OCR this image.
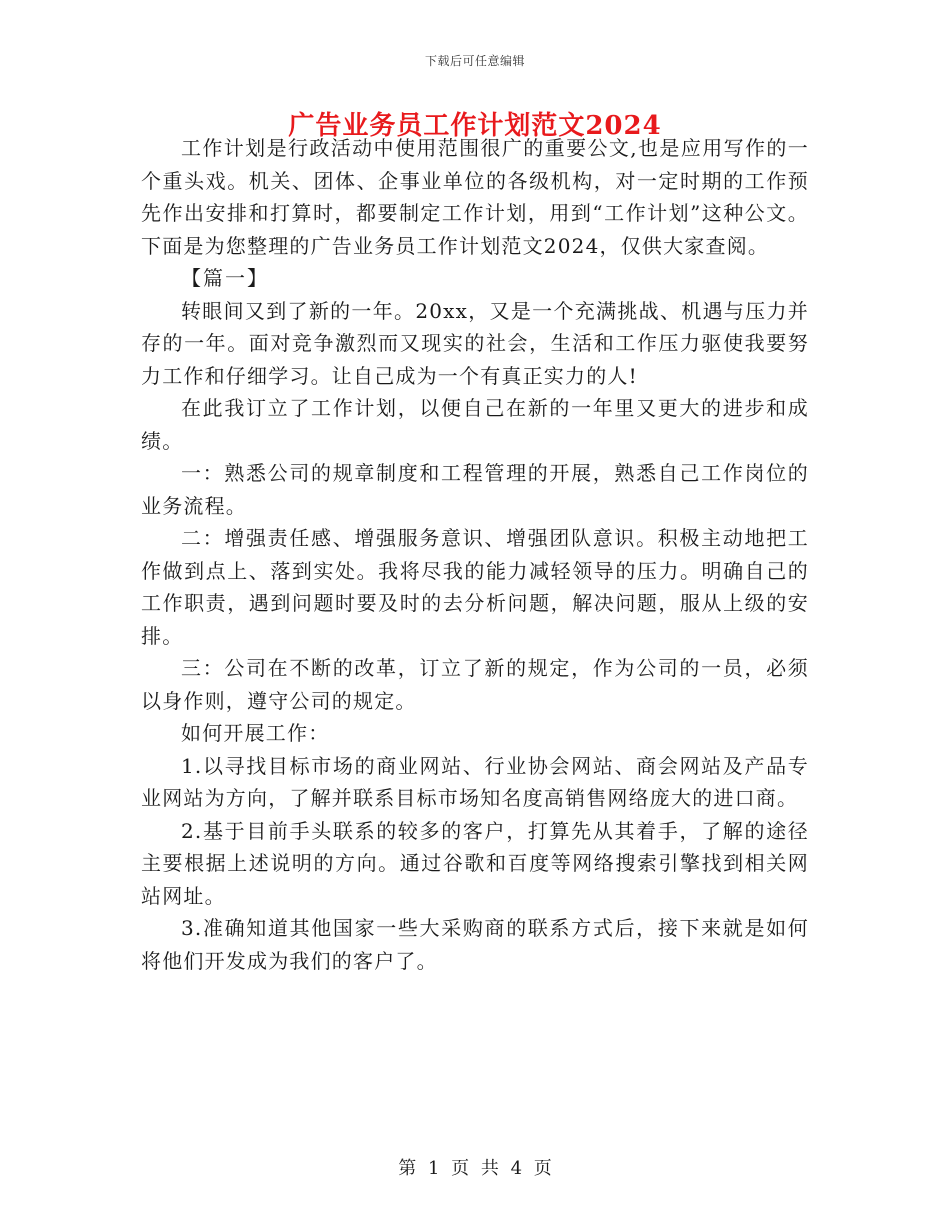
下载后可任意编辑
广告业务员工作计划范文2024

工作计划是行政活动中使用范围很广的重要公文,也是应用写作的一个重头戏。机关、团体、企事业单位的各级机构，对一定时期的工作预先作出安排和打算时，都要制定工作计划，用到“工作计划”这种公文。下面是为您整理的广告业务员工作计划范文2024，仅供大家查阅。

【篇一】

转眼间又到了新的一年。20xx，又是一个充满挑战、机遇与压力并存的一年。面对竞争激烈而又现实的社会，生活和工作压力驱使我要努力工作和仔细学习。让自己成为一个有真正实力的人!

在此我订立了工作计划，以便自己在新的一年里又更大的进步和成绩。

一：熟悉公司的规章制度和工程管理的开展，熟悉自己工作岗位的业务流程。

二：增强责任感、增强服务意识、增强团队意识。积极主动地把工作做到点上、落到实处。我将尽我的能力减轻领导的压力。明确自己的工作职责，遇到问题时要及时的去分析问题，解决问题，服从上级的安排。

三：公司在不断的改革，订立了新的规定，作为公司的一员，必须以身作则，遵守公司的规定。

如何开展工作：

1.以寻找目标市场的商业网站、行业协会网站、商会网站及产品专业网站为方向，了解并联系目标市场知名度高销售网络庞大的进口商。

2.基于目前手头联系的较多的客户，打算先从其着手，了解的途径主要根据上述说明的方向。通过谷歌和百度等网络搜索引擎找到相关网站网址。

3.准确知道其他国家一些大采购商的联系方式后，接下来就是如何将他们开发成为我们的客户了。

第 1 页 共 4 页
